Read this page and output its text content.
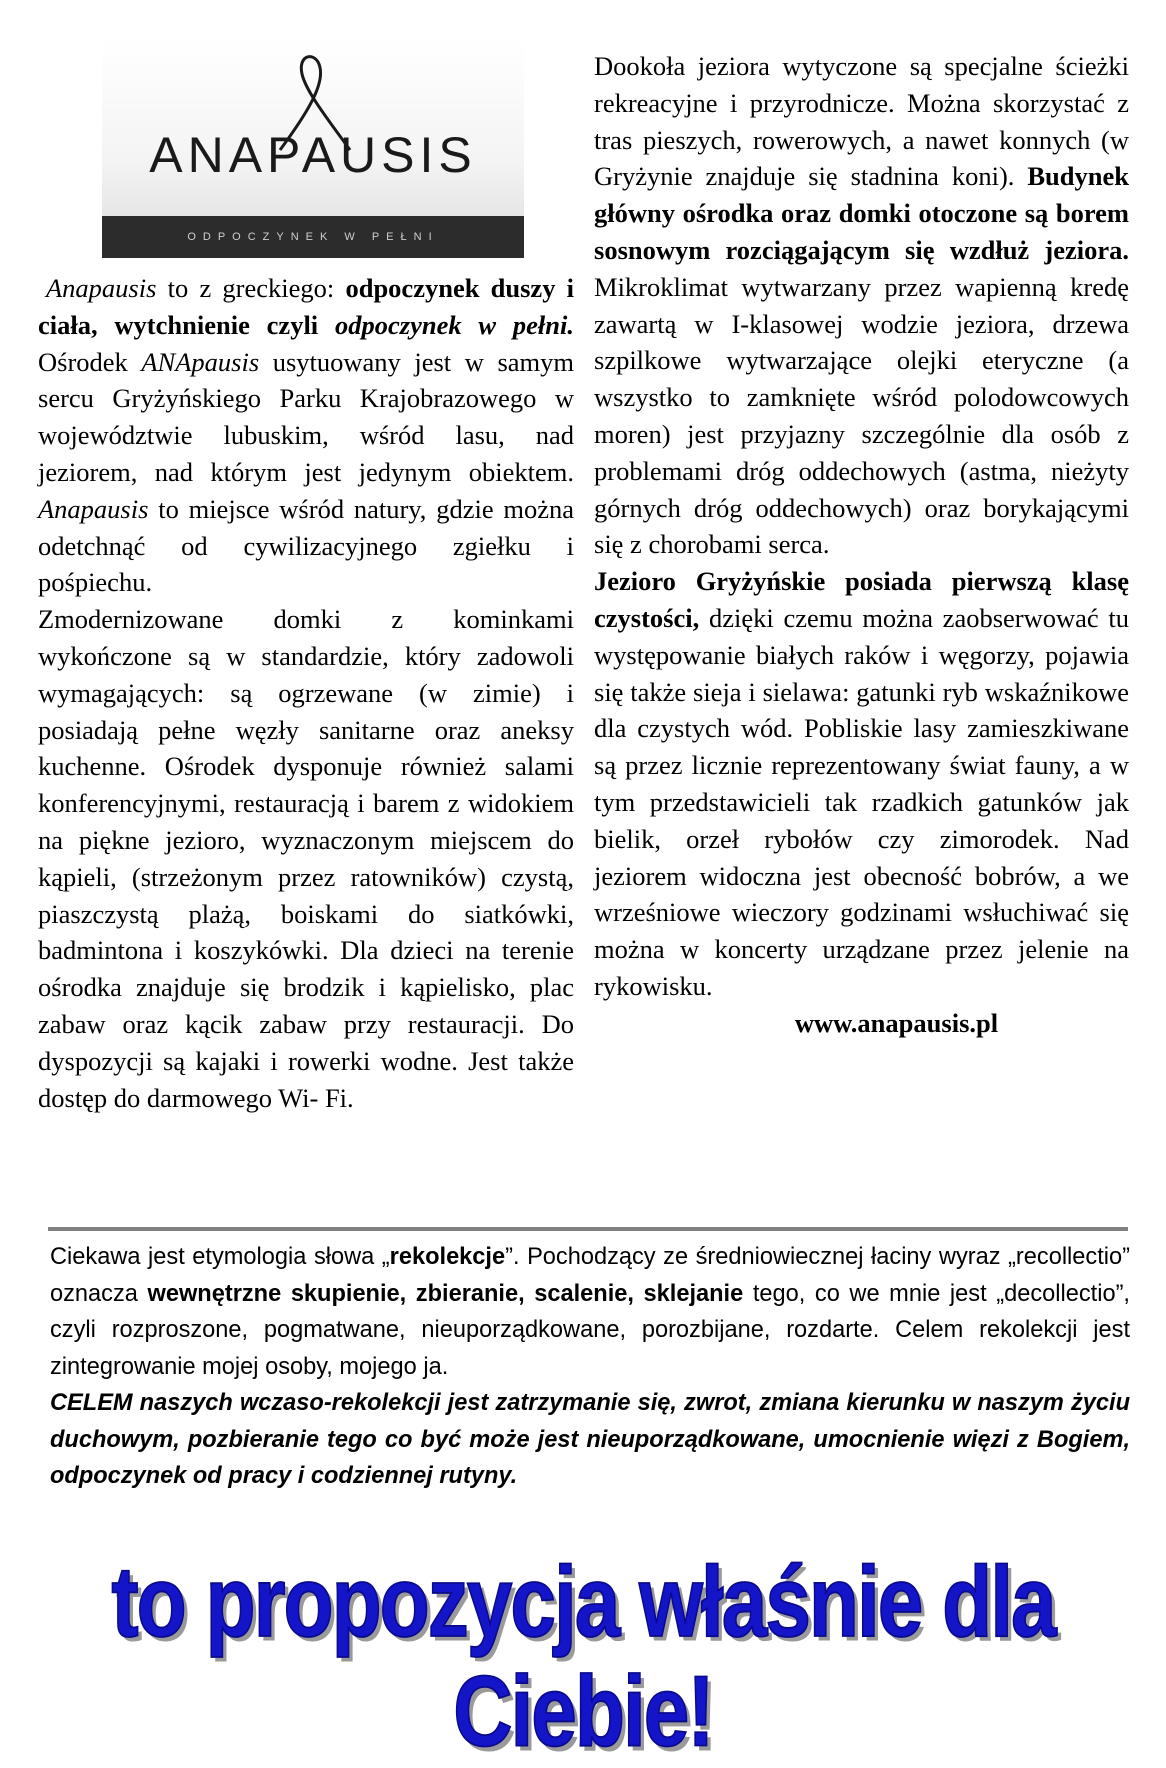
ANAPAUSIS
ODPOCZYNEK W PEŁNI

Anapausis to z greckiego: odpoczynek duszy i ciała, wytchnienie czyli odpoczynek w pełni. Ośrodek ANApausis usytuowany jest w samym sercu Gryżyńskiego Parku Krajobrazowego w województwie lubuskim, wśród lasu, nad jeziorem, nad którym jest jedynym obiektem. Anapausis to miejsce wśród natury, gdzie można odetchnąć od cywilizacyjnego zgiełku i pośpiechu.

Zmodernizowane domki z kominkami wykończone są w standardzie, który zadowoli wymagających: są ogrzewane (w zimie) i posiadają pełne węzły sanitarne oraz aneksy kuchenne. Ośrodek dysponuje również salami konferencyjnymi, restauracją i barem z widokiem na piękne jezioro, wyznaczonym miejscem do kąpieli, (strzeżonym przez ratowników) czystą, piaszczystą plażą, boiskami do siatkówki, badmintona i koszykówki. Dla dzieci na terenie ośrodka znajduje się brodzik i kąpielisko, plac zabaw oraz kącik zabaw przy restauracji. Do dyspozycji są kajaki i rowerki wodne. Jest także dostęp do darmowego Wi- Fi.

Dookoła jeziora wytyczone są specjalne ścieżki rekreacyjne i przyrodnicze. Można skorzystać z tras pieszych, rowerowych, a nawet konnych (w Gryżynie znajduje się stadnina koni). Budynek główny ośrodka oraz domki otoczone są borem sosnowym rozciągającym się wzdłuż jeziora. Mikroklimat wytwarzany przez wapienną kredę zawartą w I-klasowej wodzie jeziora, drzewa szpilkowe wytwarzające olejki eteryczne (a wszystko to zamknięte wśród polodowcowych moren) jest przyjazny szczególnie dla osób z problemami dróg oddechowych (astma, nieżyty górnych dróg oddechowych) oraz borykającymi się z chorobami serca.

Jezioro Gryżyńskie posiada pierwszą klasę czystości, dzięki czemu można zaobserwować tu występowanie białych raków i węgorzy, pojawia się także sieja i sielawa: gatunki ryb wskaźnikowe dla czystych wód. Pobliskie lasy zamieszkiwane są przez licznie reprezentowany świat fauny, a w tym przedstawicieli tak rzadkich gatunków jak bielik, orzeł rybołów czy zimorodek. Nad jeziorem widoczna jest obecność bobrów, a we wrześniowe wieczory godzinami wsłuchiwać się można w koncerty urządzane przez jelenie na rykowisku.

www.anapausis.pl

Ciekawa jest etymologia słowa „rekolekcje”. Pochodzący ze średniowiecznej łaciny wyraz „recollectio” oznacza wewnętrzne skupienie, zbieranie, scalenie, sklejanie tego, co we mnie jest „decollectio”, czyli rozproszone, pogmatwane, nieuporządkowane, porozbijane, rozdarte. Celem rekolekcji jest zintegrowanie mojej osoby, mojego ja.

CELEM naszych wczaso-rekolekcji jest zatrzymanie się, zwrot, zmiana kierunku w naszym życiu duchowym, pozbieranie tego co być może jest nieuporządkowane, umocnienie więzi z Bogiem, odpoczynek od pracy i codziennej rutyny.

to propozycja właśnie dla Ciebie!
